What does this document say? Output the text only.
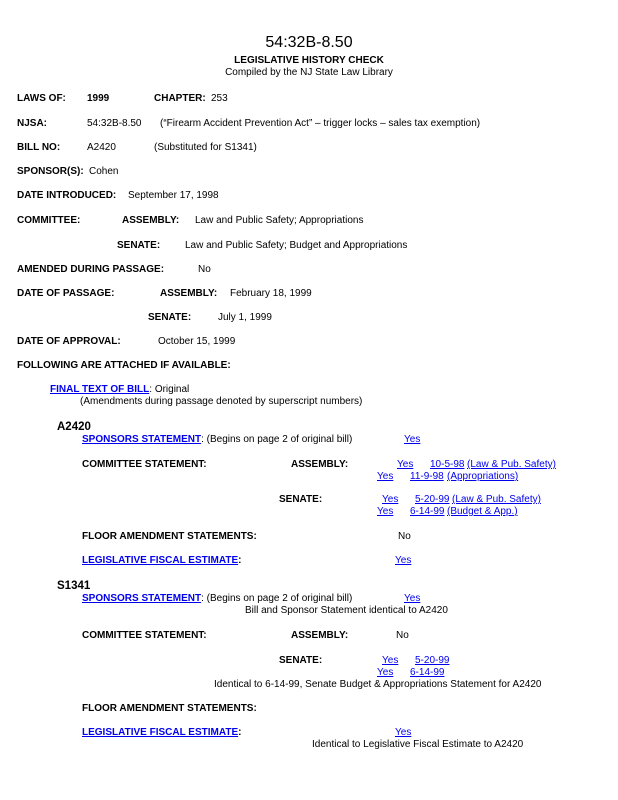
54:32B-8.50
LEGISLATIVE HISTORY CHECK
Compiled by the NJ State Law Library
LAWS OF: 1999	CHAPTER: 253
NJSA:	54:32B-8.50 (“Firearm Accident Prevention Act” – trigger locks – sales tax exemption)
BILL NO:	A2420	(Substituted for S1341)
SPONSOR(S): Cohen
DATE INTRODUCED: September 17, 1998
COMMITTEE:	ASSEMBLY: Law and Public Safety; Appropriations
SENATE: Law and Public Safety; Budget and Appropriations
AMENDED DURING PASSAGE:	No
DATE OF PASSAGE:	ASSEMBLY: February 18, 1999
SENATE:	July 1, 1999
DATE OF APPROVAL:	October 15, 1999
FOLLOWING ARE ATTACHED IF AVAILABLE:
FINAL TEXT OF BILL: Original
(Amendments during passage denoted by superscript numbers)
A2420
SPONSORS STATEMENT: (Begins on page 2 of original bill)	Yes
COMMITTEE STATEMENT:	ASSEMBLY:	Yes 10-5-98 (Law & Pub. Safety)
Yes 11-9-98 (Appropriations)
SENATE:	Yes 5-20-99 (Law & Pub. Safety)
Yes 6-14-99 (Budget & App.)
FLOOR AMENDMENT STATEMENTS:	No
LEGISLATIVE FISCAL ESTIMATE:	Yes
S1341
SPONSORS STATEMENT: (Begins on page 2 of original bill)	Yes
Bill and Sponsor Statement identical to A2420
COMMITTEE STATEMENT:	ASSEMBLY:	No
SENATE:	Yes 5-20-99
Yes 6-14-99
Identical to 6-14-99, Senate Budget & Appropriations Statement for A2420
FLOOR AMENDMENT STATEMENTS:
LEGISLATIVE FISCAL ESTIMATE:	Yes
Identical to Legislative Fiscal Estimate to A2420
